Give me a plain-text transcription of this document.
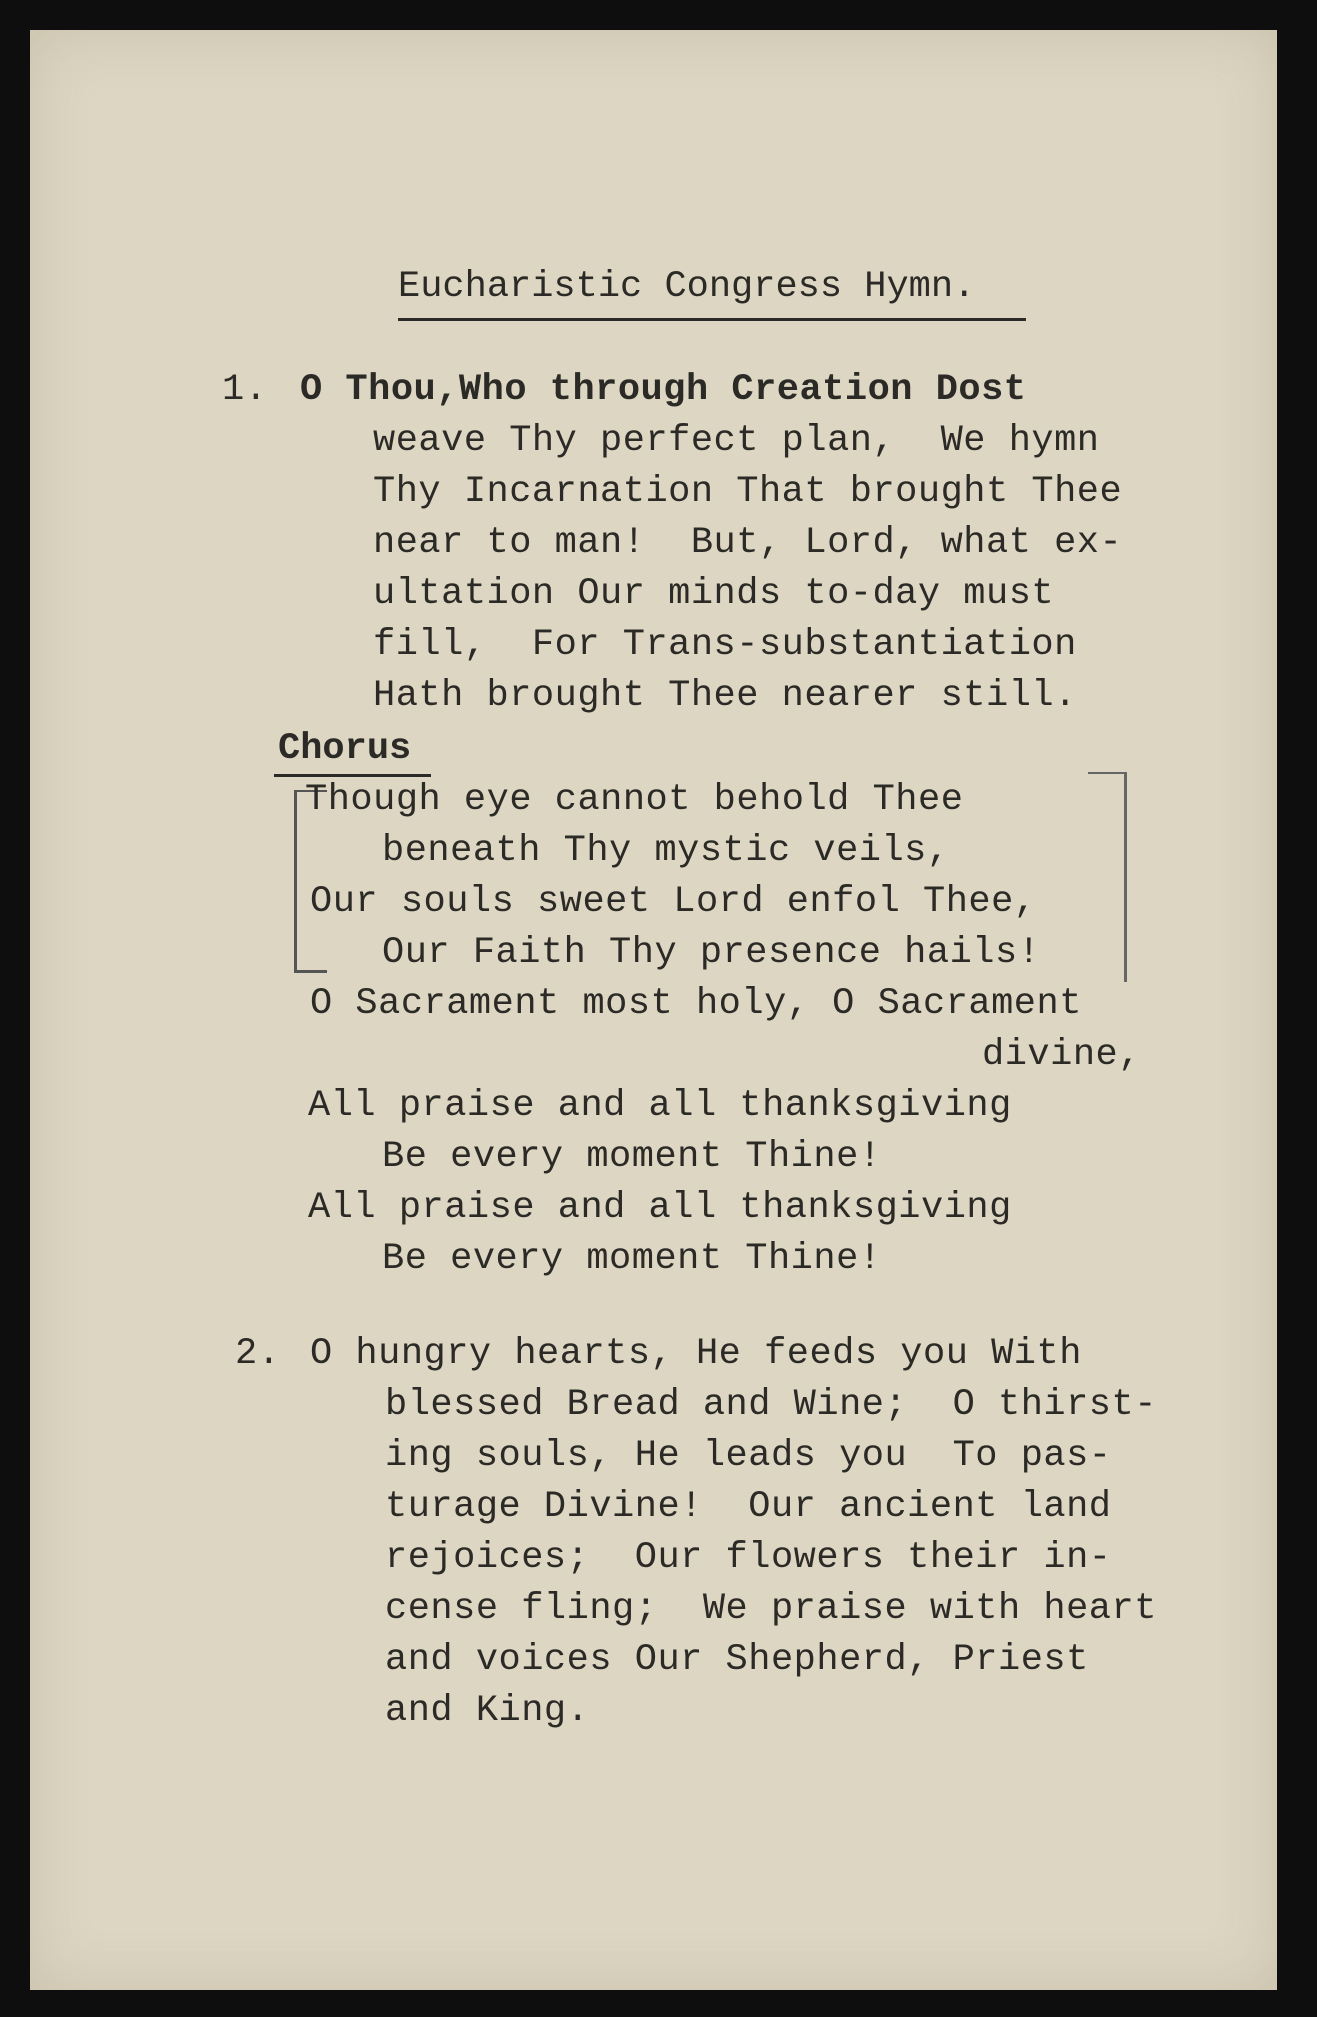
Eucharistic Congress Hymn.
1. O Thou,Who through Creation Dost
weave Thy perfect plan,  We hymn
Thy Incarnation That brought Thee
near to man!  But, Lord, what ex-
ultation Our minds to-day must
fill,  For Trans-substantiation
Hath brought Thee nearer still.
Chorus
Though eye cannot behold Thee
beneath Thy mystic veils,
Our souls sweet Lord enfol Thee,
Our Faith Thy presence hails!
O Sacrament most holy, O Sacrament
divine,
All praise and all thanksgiving
Be every moment Thine!
All praise and all thanksgiving
Be every moment Thine!
2. O hungry hearts, He feeds you With
blessed Bread and Wine;  O thirst-
ing souls, He leads you  To pas-
turage Divine!  Our ancient land
rejoices;  Our flowers their in-
cense fling;  We praise with heart
and voices Our Shepherd, Priest
and King.
